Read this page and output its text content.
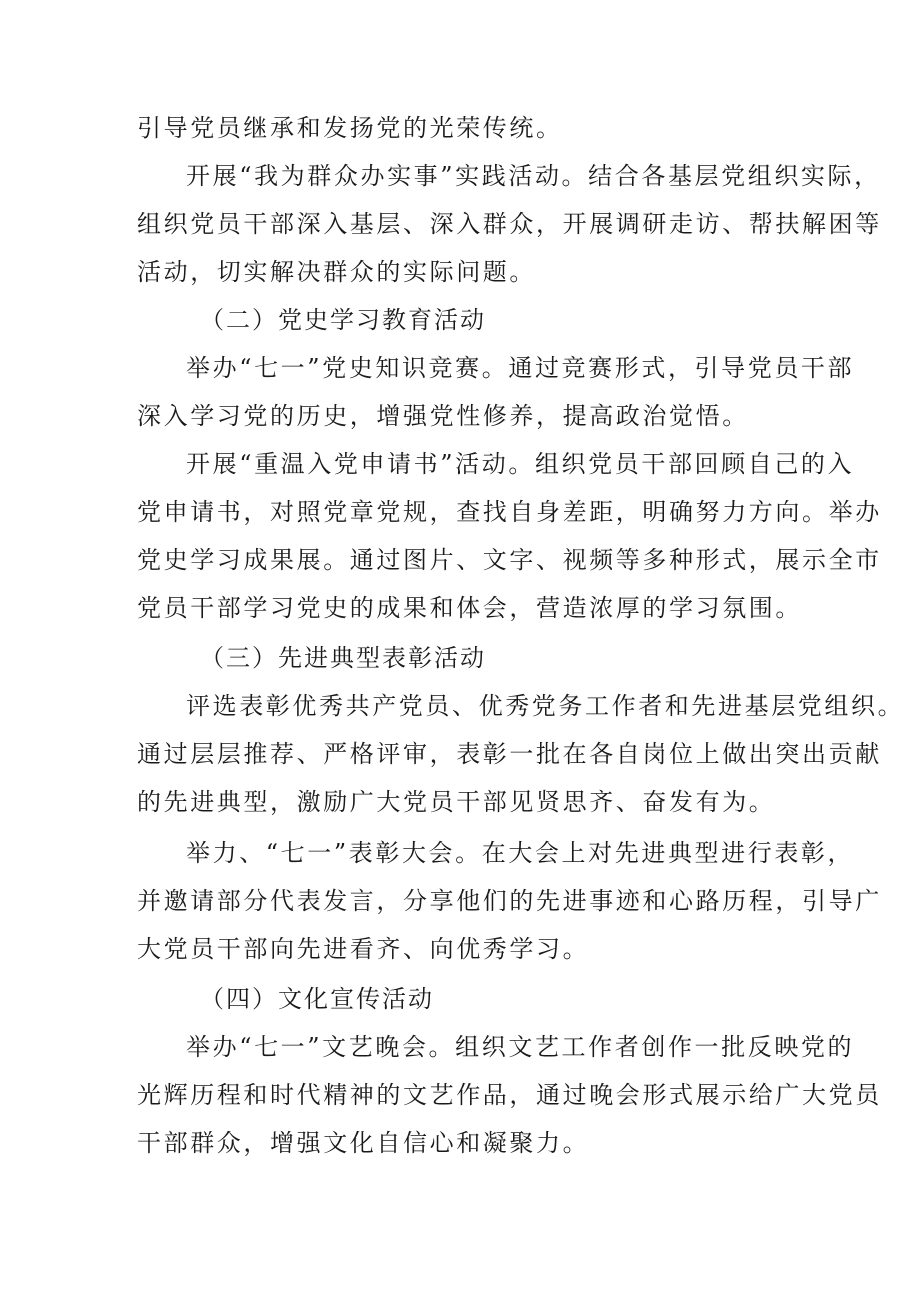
引导党员继承和发扬党的光荣传统。
开展“我为群众办实事”实践活动。结合各基层党组织实际，
组织党员干部深入基层、深入群众，开展调研走访、帮扶解困等
活动，切实解决群众的实际问题。
（二）党史学习教育活动
举办“七一”党史知识竞赛。通过竞赛形式，引导党员干部
深入学习党的历史，增强党性修养，提高政治觉悟。
开展“重温入党申请书”活动。组织党员干部回顾自己的入
党申请书，对照党章党规，查找自身差距，明确努力方向。举办
党史学习成果展。通过图片、文字、视频等多种形式，展示全市
党员干部学习党史的成果和体会，营造浓厚的学习氛围。
（三）先进典型表彰活动
评选表彰优秀共产党员、优秀党务工作者和先进基层党组织。
通过层层推荐、严格评审，表彰一批在各自岗位上做出突出贡献
的先进典型，激励广大党员干部见贤思齐、奋发有为。
举力、“七一”表彰大会。在大会上对先进典型进行表彰，
并邀请部分代表发言，分享他们的先进事迹和心路历程，引导广
大党员干部向先进看齐、向优秀学习。
（四）文化宣传活动
举办“七一”文艺晚会。组织文艺工作者创作一批反映党的
光辉历程和时代精神的文艺作品，通过晚会形式展示给广大党员
干部群众，增强文化自信心和凝聚力。
